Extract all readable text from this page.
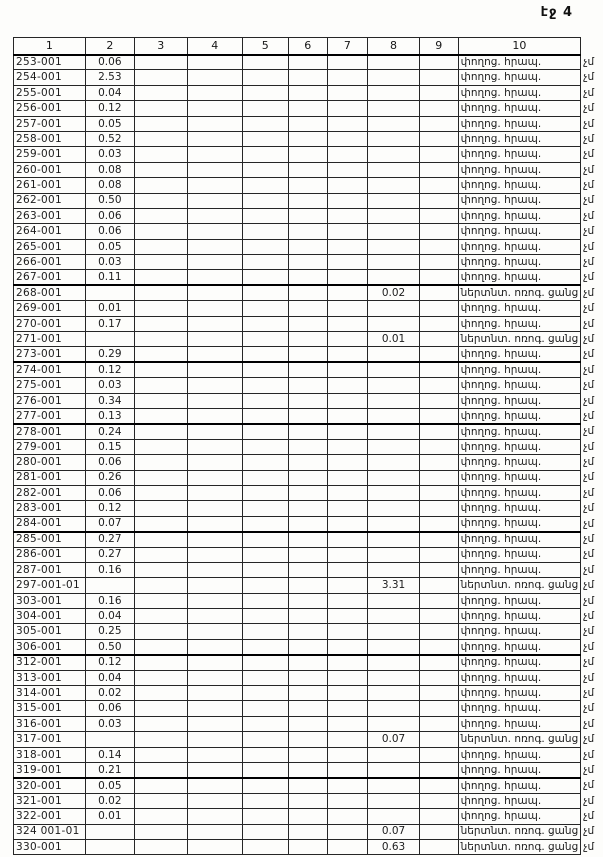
էջ 4
1	2	3	4	5	6	7	8	9	10	
253-001	0.06								փողոց. հրապ.	չմ
254-001	2.53								փողոց. հրապ.	չմ
255-001	0.04								փողոց. հրապ.	չմ
256-001	0.12								փողոց. հրապ.	չմ
257-001	0.05								փողոց. հրապ.	չմ
258-001	0.52								փողոց. հրապ.	չմ
259-001	0.03								փողոց. հրապ.	չմ
260-001	0.08								փողոց. հրապ.	չմ
261-001	0.08								փողոց. հրապ.	չմ
262-001	0.50								փողոց. հրապ.	չմ
263-001	0.06								փողոց. հրապ.	չմ
264-001	0.06								փողոց. հրապ.	չմ
265-001	0.05								փողոց. հրապ.	չմ
266-001	0.03								փողոց. հրապ.	չմ
267-001	0.11								փողոց. հրապ.	չմ
268-001							0.02		ներտնտ. ոռոգ. ցանց	չմ
269-001	0.01								փողոց. հրապ.	չմ
270-001	0.17								փողոց. հրապ.	չմ
271-001							0.01		ներտնտ. ոռոգ. ցանց	չմ
273-001	0.29								փողոց. հրապ.	չմ
274-001	0.12								փողոց. հրապ.	չմ
275-001	0.03								փողոց. հրապ.	չմ
276-001	0.34								փողոց. հրապ.	չմ
277-001	0.13								փողոց. հրապ.	չմ
278-001	0.24								փողոց. հրապ.	չմ
279-001	0.15								փողոց. հրապ.	չմ
280-001	0.06								փողոց. հրապ.	չմ
281-001	0.26								փողոց. հրապ.	չմ
282-001	0.06								փողոց. հրապ.	չմ
283-001	0.12								փողոց. հրապ.	չմ
284-001	0.07								փողոց. հրապ.	չմ
285-001	0.27								փողոց. հրապ.	չմ
286-001	0.27								փողոց. հրապ.	չմ
287-001	0.16								փողոց. հրապ.	չմ
297-001-01							3.31		ներտնտ. ոռոգ. ցանց	չմ
303-001	0.16								փողոց. հրապ.	չմ
304-001	0.04								փողոց. հրապ.	չմ
305-001	0.25								փողոց. հրապ.	չմ
306-001	0.50								փողոց. հրապ.	չմ
312-001	0.12								փողոց. հրապ.	չմ
313-001	0.04								փողոց. հրապ.	չմ
314-001	0.02								փողոց. հրապ.	չմ
315-001	0.06								փողոց. հրապ.	չմ
316-001	0.03								փողոց. հրապ.	չմ
317-001							0.07		ներտնտ. ոռոգ. ցանց	չմ
318-001	0.14								փողոց. հրապ.	չմ
319-001	0.21								փողոց. հրապ.	չմ
320-001	0.05								փողոց. հրապ.	չմ
321-001	0.02								փողոց. հրապ.	չմ
322-001	0.01								փողոց. հրապ.	չմ
324 001-01							0.07		ներտնտ. ոռոգ. ցանց	չմ
330-001							0.63		ներտնտ. ոռոգ. ցանց	չմ
